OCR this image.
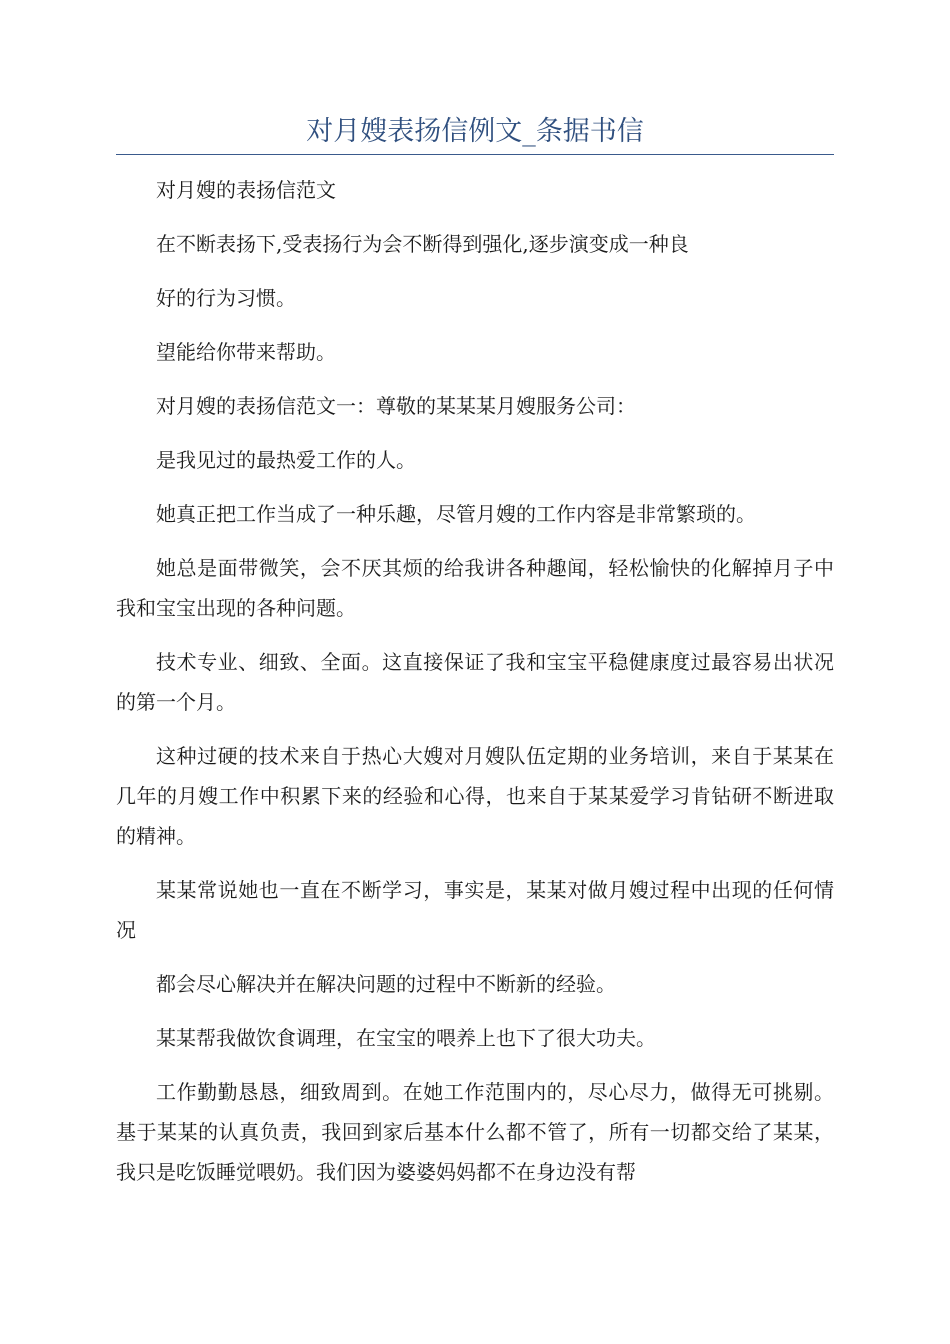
对月嫂表扬信例文_条据书信

对月嫂的表扬信范文

在不断表扬下,受表扬行为会不断得到强化,逐步演变成一种良

好的行为习惯。

望能给你带来帮助。

对月嫂的表扬信范文一：尊敬的某某某月嫂服务公司：

是我见过的最热爱工作的人。

她真正把工作当成了一种乐趣，尽管月嫂的工作内容是非常繁琐的。

她总是面带微笑，会不厌其烦的给我讲各种趣闻，轻松愉快的化解掉月子中我和宝宝出现的各种问题。

技术专业、细致、全面。这直接保证了我和宝宝平稳健康度过最容易出状况的第一个月。

这种过硬的技术来自于热心大嫂对月嫂队伍定期的业务培训，来自于某某在几年的月嫂工作中积累下来的经验和心得，也来自于某某爱学习肯钻研不断进取的精神。

某某常说她也一直在不断学习，事实是，某某对做月嫂过程中出现的任何情况

都会尽心解决并在解决问题的过程中不断新的经验。

某某帮我做饮食调理，在宝宝的喂养上也下了很大功夫。

工作勤勤恳恳，细致周到。在她工作范围内的，尽心尽力，做得无可挑剔。基于某某的认真负责，我回到家后基本什么都不管了，所有一切都交给了某某，我只是吃饭睡觉喂奶。我们因为婆婆妈妈都不在身边没有帮
